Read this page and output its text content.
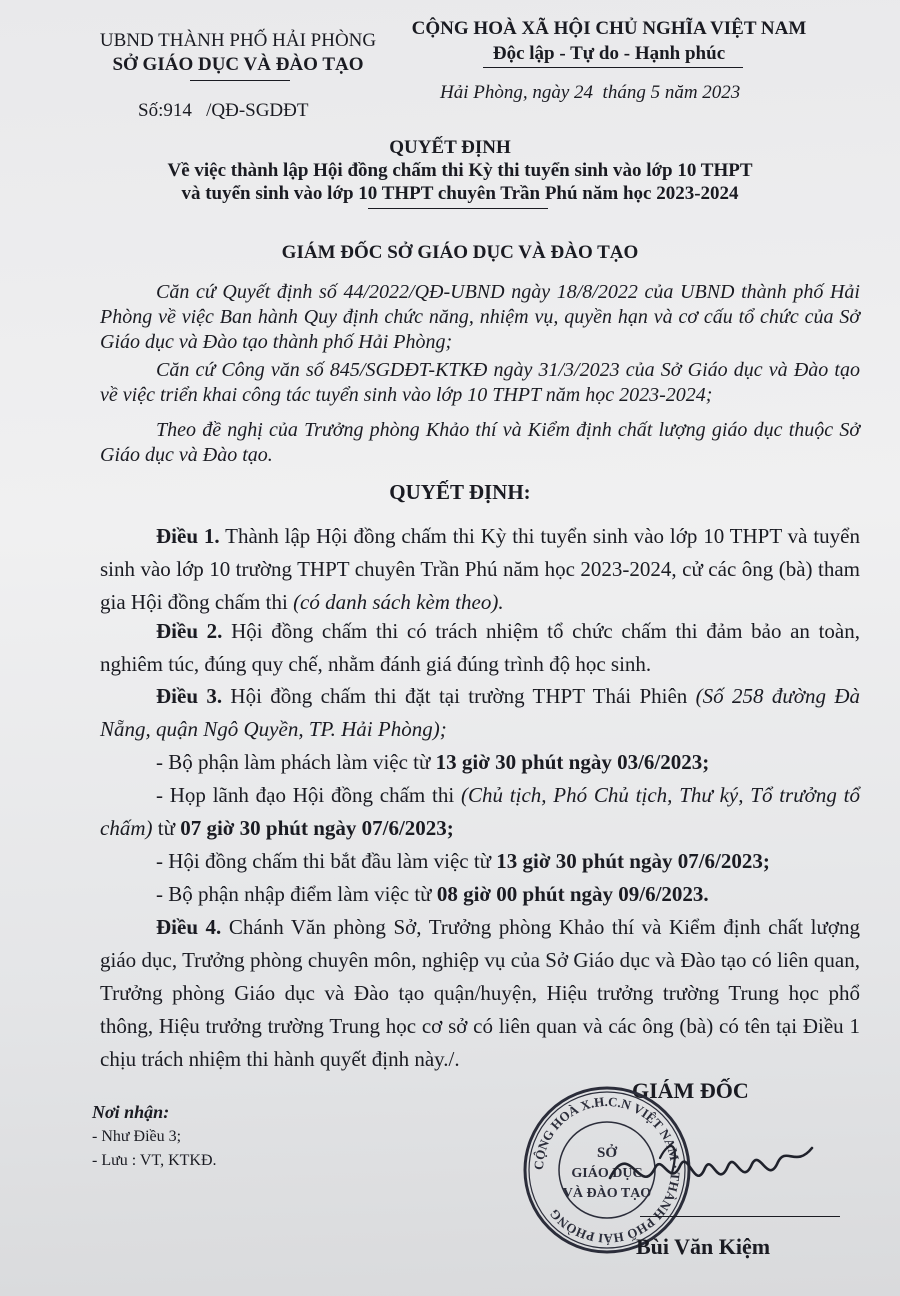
UBND THÀNH PHỐ HẢI PHÒNG
SỞ GIÁO DỤC VÀ ĐÀO TẠO
CỘNG HOÀ XÃ HỘI CHỦ NGHĨA VIỆT NAM
Độc lập - Tự do - Hạnh phúc
Số:914   /QĐ-SGDĐT
Hải Phòng, ngày 24  tháng 5 năm 2023
QUYẾT ĐỊNH
Về việc thành lập Hội đồng chấm thi Kỳ thi tuyển sinh vào lớp 10 THPT
và tuyển sinh vào lớp 10 THPT chuyên Trần Phú năm học 2023-2024
GIÁM ĐỐC SỞ GIÁO DỤC VÀ ĐÀO TẠO
Căn cứ Quyết định số 44/2022/QĐ-UBND ngày 18/8/2022 của UBND thành phố Hải Phòng về việc Ban hành Quy định chức năng, nhiệm vụ, quyền hạn và cơ cấu tổ chức của Sở Giáo dục và Đào tạo thành phố Hải Phòng;
Căn cứ Công văn số 845/SGDĐT-KTKĐ ngày 31/3/2023 của Sở Giáo dục và Đào tạo về việc triển khai công tác tuyển sinh vào lớp 10 THPT năm học 2023-2024;
Theo đề nghị của Trưởng phòng Khảo thí và Kiểm định chất lượng giáo dục thuộc Sở Giáo dục và Đào tạo.
QUYẾT ĐỊNH:
Điều 1. Thành lập Hội đồng chấm thi Kỳ thi tuyển sinh vào lớp 10 THPT và tuyển sinh vào lớp 10 trường THPT chuyên Trần Phú năm học 2023-2024, cử các ông (bà) tham gia Hội đồng chấm thi (có danh sách kèm theo).
Điều 2. Hội đồng chấm thi có trách nhiệm tổ chức chấm thi đảm bảo an toàn, nghiêm túc, đúng quy chế, nhằm đánh giá đúng trình độ học sinh.
Điều 3. Hội đồng chấm thi đặt tại trường THPT Thái Phiên (Số 258 đường Đà Nẵng, quận Ngô Quyền, TP. Hải Phòng);
- Bộ phận làm phách làm việc từ 13 giờ 30 phút ngày 03/6/2023;
- Họp lãnh đạo Hội đồng chấm thi (Chủ tịch, Phó Chủ tịch, Thư ký, Tổ trưởng tổ chấm) từ 07 giờ 30 phút ngày 07/6/2023;
- Hội đồng chấm thi bắt đầu làm việc từ 13 giờ 30 phút ngày 07/6/2023;
- Bộ phận nhập điểm làm việc từ 08 giờ 00 phút ngày 09/6/2023.
Điều 4. Chánh Văn phòng Sở, Trưởng phòng Khảo thí và Kiểm định chất lượng giáo dục, Trưởng phòng chuyên môn, nghiệp vụ của Sở Giáo dục và Đào tạo có liên quan, Trưởng phòng Giáo dục và Đào tạo quận/huyện, Hiệu trưởng trường Trung học phổ thông, Hiệu trưởng trường Trung học cơ sở có liên quan và các ông (bà) có tên tại Điều 1 chịu trách nhiệm thi hành quyết định này./.
Nơi nhận:
- Như Điều 3;
- Lưu : VT, KTKĐ.
GIÁM ĐỐC
CỘNG HOÀ X.H.C.N VIỆT NAM · THÀNH PHỐ HẢI PHÒNG
SỞ
GIÁO DỤC
VÀ ĐÀO TẠO
Bùi Văn Kiệm
